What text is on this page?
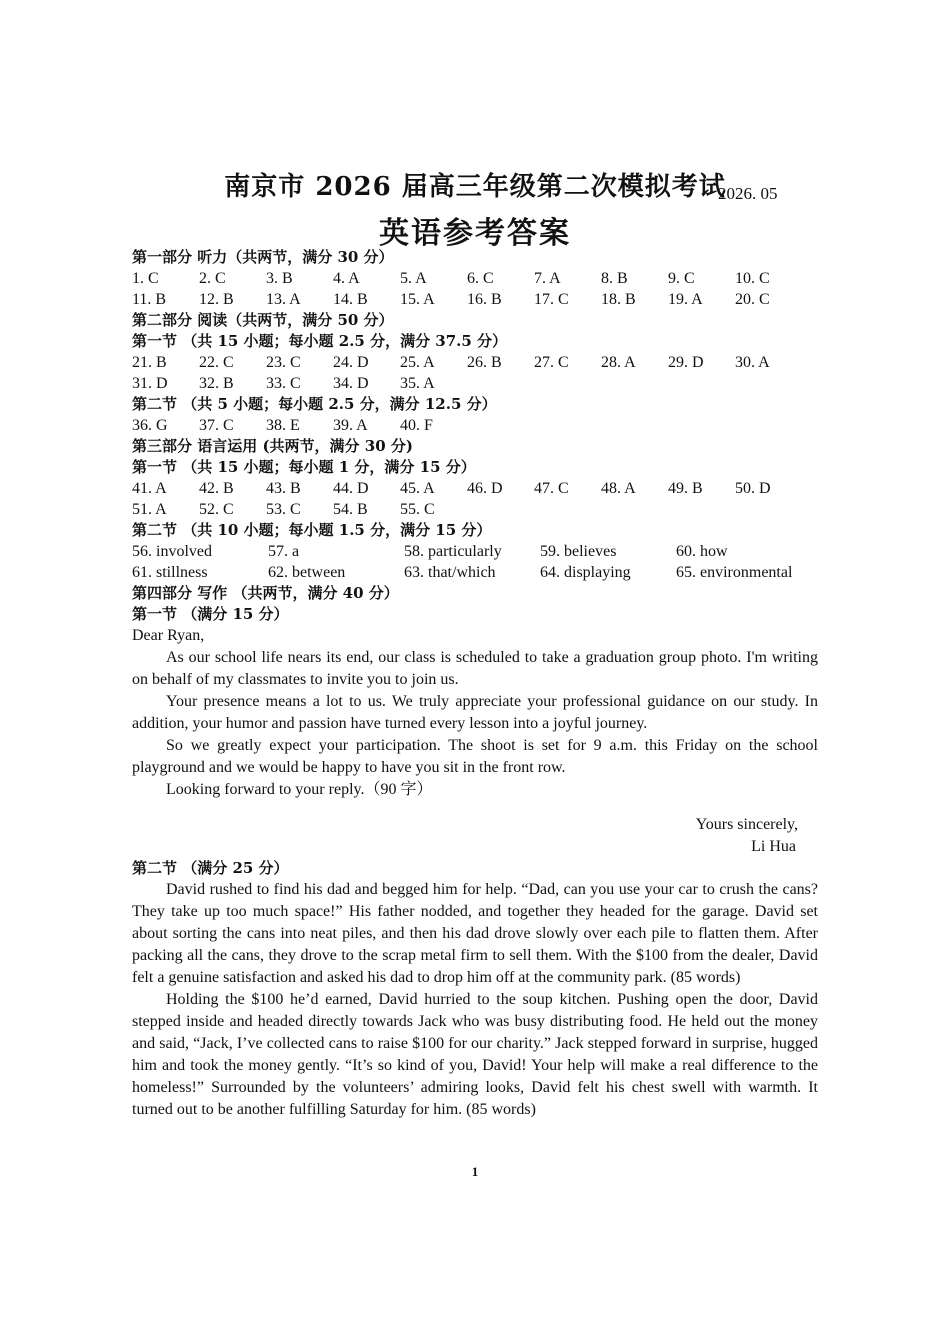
南京市 2026 届高三年级第二次模拟考试
2026. 05
英语参考答案
第一部分 听力（共两节，满分 30 分）
1. C	2. C	3. B	4. A	5. A	6. C	7. A	8. B	9. C	10. C
11. B	12. B	13. A	14. B	15. A	16. B	17. C	18. B	19. A	20. C
第二部分 阅读（共两节，满分 50 分）
第一节 （共 15 小题；每小题 2.5 分，满分 37.5 分）
21. B	22. C	23. C	24. D	25. A	26. B	27. C	28. A	29. D	30. A
31. D	32. B	33. C	34. D	35. A
第二节 （共 5 小题；每小题 2.5 分，满分 12.5 分）
36. G	37. C	38. E	39. A	40. F
第三部分 语言运用 (共两节，满分 30 分)
第一节 （共 15 小题；每小题 1 分，满分 15 分）
41. A	42. B	43. B	44. D	45. A	46. D	47. C	48. A	49. B	50. D
51. A	52. C	53. C	54. B	55. C
第二节 （共 10 小题；每小题 1.5 分，满分 15 分）
56. involved	57. a	58. particularly	59. believes	60. how
61. stillness	62. between	63. that/which	64. displaying	65. environmental
第四部分 写作 （共两节，满分 40 分）
第一节 （满分 15 分）

Dear Ryan,

As our school life nears its end, our class is scheduled to take a graduation group photo. I'm writing on behalf of my classmates to invite you to join us.

Your presence means a lot to us. We truly appreciate your professional guidance on our study. In addition, your humor and passion have turned every lesson into a joyful journey.

So we greatly expect your participation. The shoot is set for 9 a.m. this Friday on the school playground and we would be happy to have you sit in the front row.

Looking forward to your reply.（90 字）

Yours sincerely,
Li Hua
第二节 （满分 25 分）

David rushed to find his dad and begged him for help. “Dad, can you use your car to crush the cans? They take up too much space!” His father nodded, and together they headed for the garage. David set about sorting the cans into neat piles, and then his dad drove slowly over each pile to flatten them. After packing all the cans, they drove to the scrap metal firm to sell them. With the $100 from the dealer, David felt a genuine satisfaction and asked his dad to drop him off at the community park. (85 words)

Holding the $100 he’d earned, David hurried to the soup kitchen. Pushing open the door, David stepped inside and headed directly towards Jack who was busy distributing food. He held out the money and said, “Jack, I’ve collected cans to raise $100 for our charity.” Jack stepped forward in surprise, hugged him and took the money gently. “It’s so kind of you, David! Your help will make a real difference to the homeless!” Surrounded by the volunteers’ admiring looks, David felt his chest swell with warmth. It turned out to be another fulfilling Saturday for him. (85 words)

1
